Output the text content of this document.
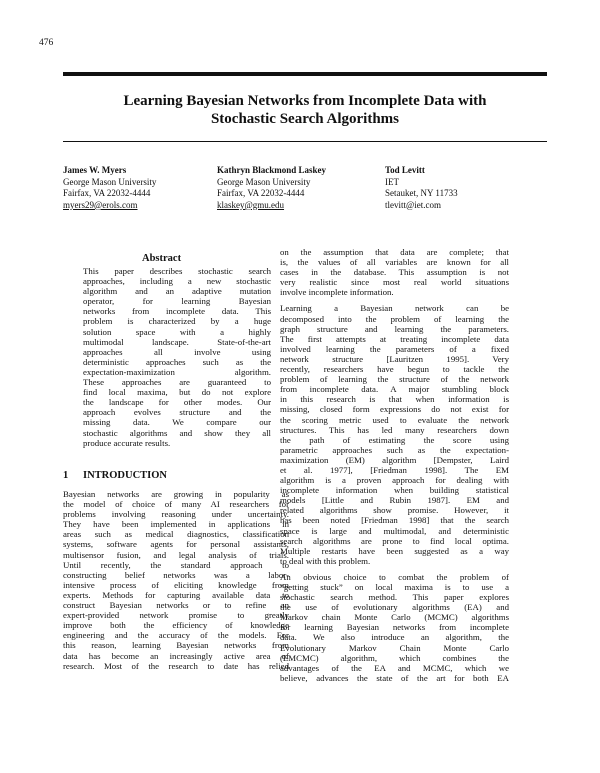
476
Learning Bayesian Networks from Incomplete Data with
Stochastic Search Algorithms
James W. Myers
George Mason University
Fairfax, VA 22032-4444
myers29@erols.com
Kathryn Blackmond Laskey
George Mason University
Fairfax, VA 22032-4444
klaskey@gmu.edu
Tod Levitt
IET
Setauket, NY 11733
tlevitt@iet.com
Abstract
This paper describes stochastic search
approaches, including a new stochastic
algorithm and an adaptive mutation
operator, for learning Bayesian
networks from incomplete data. This
problem is characterized by a huge
solution space with a highly
multimodal landscape. State-of-the-art
approaches all involve using
deterministic approaches such as the
expectation-maximization algorithm.
These approaches are guaranteed to
find local maxima, but do not explore
the landscape for other modes. Our
approach evolves structure and the
missing data. We compare our
stochastic algorithms and show they all
produce accurate results.
1 INTRODUCTION
Bayesian networks are growing in popularity as
the model of choice of many AI researchers for
problems involving reasoning under uncertainty.
They have been implemented in applications in
areas such as medical diagnostics, classification
systems, software agents for personal assistants,
multisensor fusion, and legal analysis of trials.
Until recently, the standard approach to
constructing belief networks was a labor-
intensive process of eliciting knowledge from
experts. Methods for capturing available data to
construct Bayesian networks or to refine an
expert-provided network promise to greatly
improve both the efficiency of knowledge
engineering and the accuracy of the models. For
this reason, learning Bayesian networks from
data has become an increasingly active area of
research. Most of the research to date has relied
on the assumption that data are complete; that
is, the values of all variables are known for all
cases in the database. This assumption is not
very realistic since most real world situations
involve incomplete information.
Learning a Bayesian network can be
decomposed into the problem of learning the
graph structure and learning the parameters.
The first attempts at treating incomplete data
involved learning the parameters of a fixed
network structure [Lauritzen 1995]. Very
recently, researchers have begun to tackle the
problem of learning the structure of the network
from incomplete data. A major stumbling block
in this research is that when information is
missing, closed form expressions do not exist for
the scoring metric used to evaluate the network
structures. This has led many researchers down
the path of estimating the score using
parametric approaches such as the expectation-
maximization (EM) algorithm [Dempster, Laird
et al. 1977], [Friedman 1998]. The EM
algorithm is a proven approach for dealing with
incomplete information when building statistical
models [Little and Rubin 1987]. EM and
related algorithms show promise. However, it
has been noted [Friedman 1998] that the search
space is large and multimodal, and deterministic
search algorithms are prone to find local optima.
Multiple restarts have been suggested as a way
to deal with this problem.
An obvious choice to combat the problem of
“getting stuck” on local maxima is to use a
stochastic search method. This paper explores
the use of evolutionary algorithms (EA) and
Markov chain Monte Carlo (MCMC) algorithms
for learning Bayesian networks from incomplete
data. We also introduce an algorithm, the
Evolutionary Markov Chain Monte Carlo
(EMCMC) algorithm, which combines the
advantages of the EA and MCMC, which we
believe, advances the state of the art for both EA
